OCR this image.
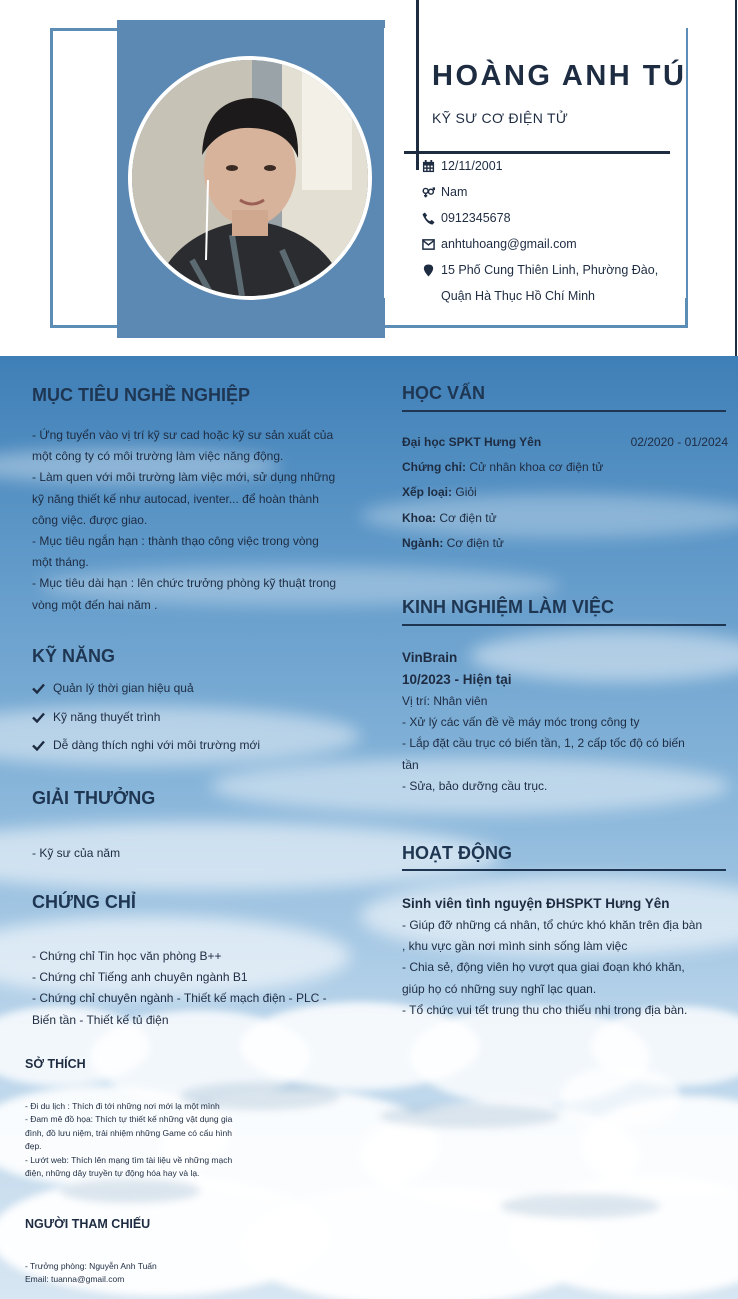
HOÀNG ANH TÚ
KỸ SƯ CƠ ĐIỆN TỬ
12/11/2001
Nam
0912345678
anhtuhoang@gmail.com
15 Phố Cung Thiên Linh, Phường Đào,
Quận Hà Thục Hồ Chí Minh
MỤC TIÊU NGHỀ NGHIỆP
- Ứng tuyển vào vị trí kỹ sư cad hoặc kỹ sư sản xuất của
một công ty có môi trường làm việc năng động.
- Làm quen với môi trường làm việc mới, sử dụng những
kỹ năng thiết kế như autocad, iventer... để hoàn thành
công việc. được giao.
- Mục tiêu ngắn hạn : thành thạo công việc trong vòng
một tháng.
- Mục tiêu dài hạn : lên chức trưởng phòng kỹ thuật trong
vòng một đến hai năm .
KỸ NĂNG
Quản lý thời gian hiệu quả
Kỹ năng thuyết trình
Dễ dàng thích nghi với môi trường mới
GIẢI THƯỞNG
- Kỹ sư của năm
CHỨNG CHỈ
- Chứng chỉ Tin học văn phòng B++
- Chứng chỉ Tiếng anh chuyên ngành B1
- Chứng chỉ chuyên ngành - Thiết kế mạch điện - PLC -
Biến tần - Thiết kế tủ điện
SỞ THÍCH
- Đi du lịch : Thích đi tới những nơi mới lạ một mình
- Đam mê đồ họa: Thích tự thiết kế những vật dụng gia
đình, đồ lưu niệm, trải nhiệm những Game có cấu hình
đẹp.
- Lướt web: Thích lên mạng tìm tài liệu về những mạch
điện, những dây truyền tự động hóa hay và lạ.
NGƯỜI THAM CHIẾU
- Trưởng phòng: Nguyễn Anh Tuấn
Email: tuanna@gmail.com
HỌC VẤN
Đại học SPKT Hưng Yên	02/2020 - 01/2024
Chứng chỉ: Cử nhân khoa cơ điện tử
Xếp loại: Giỏi
Khoa: Cơ điện tử
Ngành: Cơ điện tử
KINH NGHIỆM LÀM VIỆC
VinBrain
10/2023 - Hiện tại
Vị trí: Nhân viên
- Xử lý các vấn đề về máy móc trong công ty
- Lắp đặt cầu trục có biến tần, 1, 2 cấp tốc độ có biến
tần
- Sửa, bảo dưỡng cầu trục.
HOẠT ĐỘNG
Sinh viên tình nguyện ĐHSPKT Hưng Yên
- Giúp đỡ những cá nhân, tổ chức khó khăn trên địa bàn
, khu vực gần nơi mình sinh sống làm việc
- Chia sẻ, động viên họ vượt qua giai đoạn khó khăn,
giúp họ có những suy nghĩ lạc quan.
- Tổ chức vui tết trung thu cho thiếu nhi trong địa bàn.
